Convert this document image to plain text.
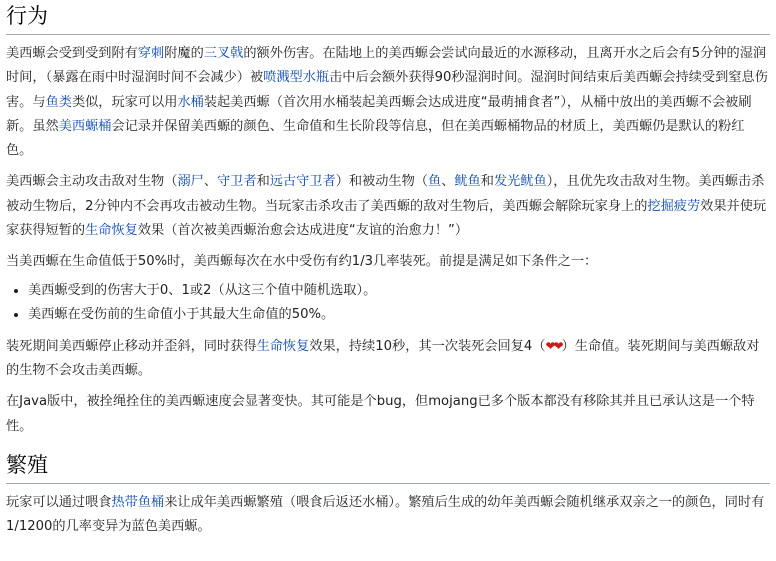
行为

美西螈会受到受到附有穿刺附魔的三叉戟的额外伤害。在陆地上的美西螈会尝试向最近的水源移动，且离开水之后会有5分钟的湿润时间，（暴露在雨中时湿润时间不会减少）被喷溅型水瓶击中后会额外获得90秒湿润时间。湿润时间结束后美西螈会持续受到窒息伤害。与鱼类类似，玩家可以用水桶装起美西螈（首次用水桶装起美西螈会达成进度“最萌捕食者”），从桶中放出的美西螈不会被刷新。虽然美西螈桶会记录并保留美西螈的颜色、生命值和生长阶段等信息，但在美西螈桶物品的材质上，美西螈仍是默认的粉红色。

美西螈会主动攻击敌对生物（溺尸、守卫者和远古守卫者）和被动生物（鱼、鱿鱼和发光鱿鱼），且优先攻击敌对生物。美西螈击杀被动生物后，2分钟内不会再攻击被动生物。当玩家击杀攻击了美西螈的敌对生物后，美西螈会解除玩家身上的挖掘疲劳效果并使玩家获得短暂的生命恢复效果（首次被美西螈治愈会达成进度“友谊的治愈力！”）

当美西螈在生命值低于50%时，美西螈每次在水中受伤有约1/3几率装死。前提是满足如下条件之一：

• 美西螈受到的伤害大于0、1或2（从这三个值中随机选取）。
• 美西螈在受伤前的生命值小于其最大生命值的50%。

装死期间美西螈停止移动并歪斜，同时获得生命恢复效果，持续10秒，其一次装死会回复4（❤❤）生命值。装死期间与美西螈敌对的生物不会攻击美西螈。

在Java版中，被拴绳拴住的美西螈速度会显著变快。其可能是个bug，但mojang已多个版本都没有移除其并且已承认这是一个特性。

繁殖

玩家可以通过喂食热带鱼桶来让成年美西螈繁殖（喂食后返还水桶）。繁殖后生成的幼年美西螈会随机继承双亲之一的颜色，同时有1/1200的几率变异为蓝色美西螈。
